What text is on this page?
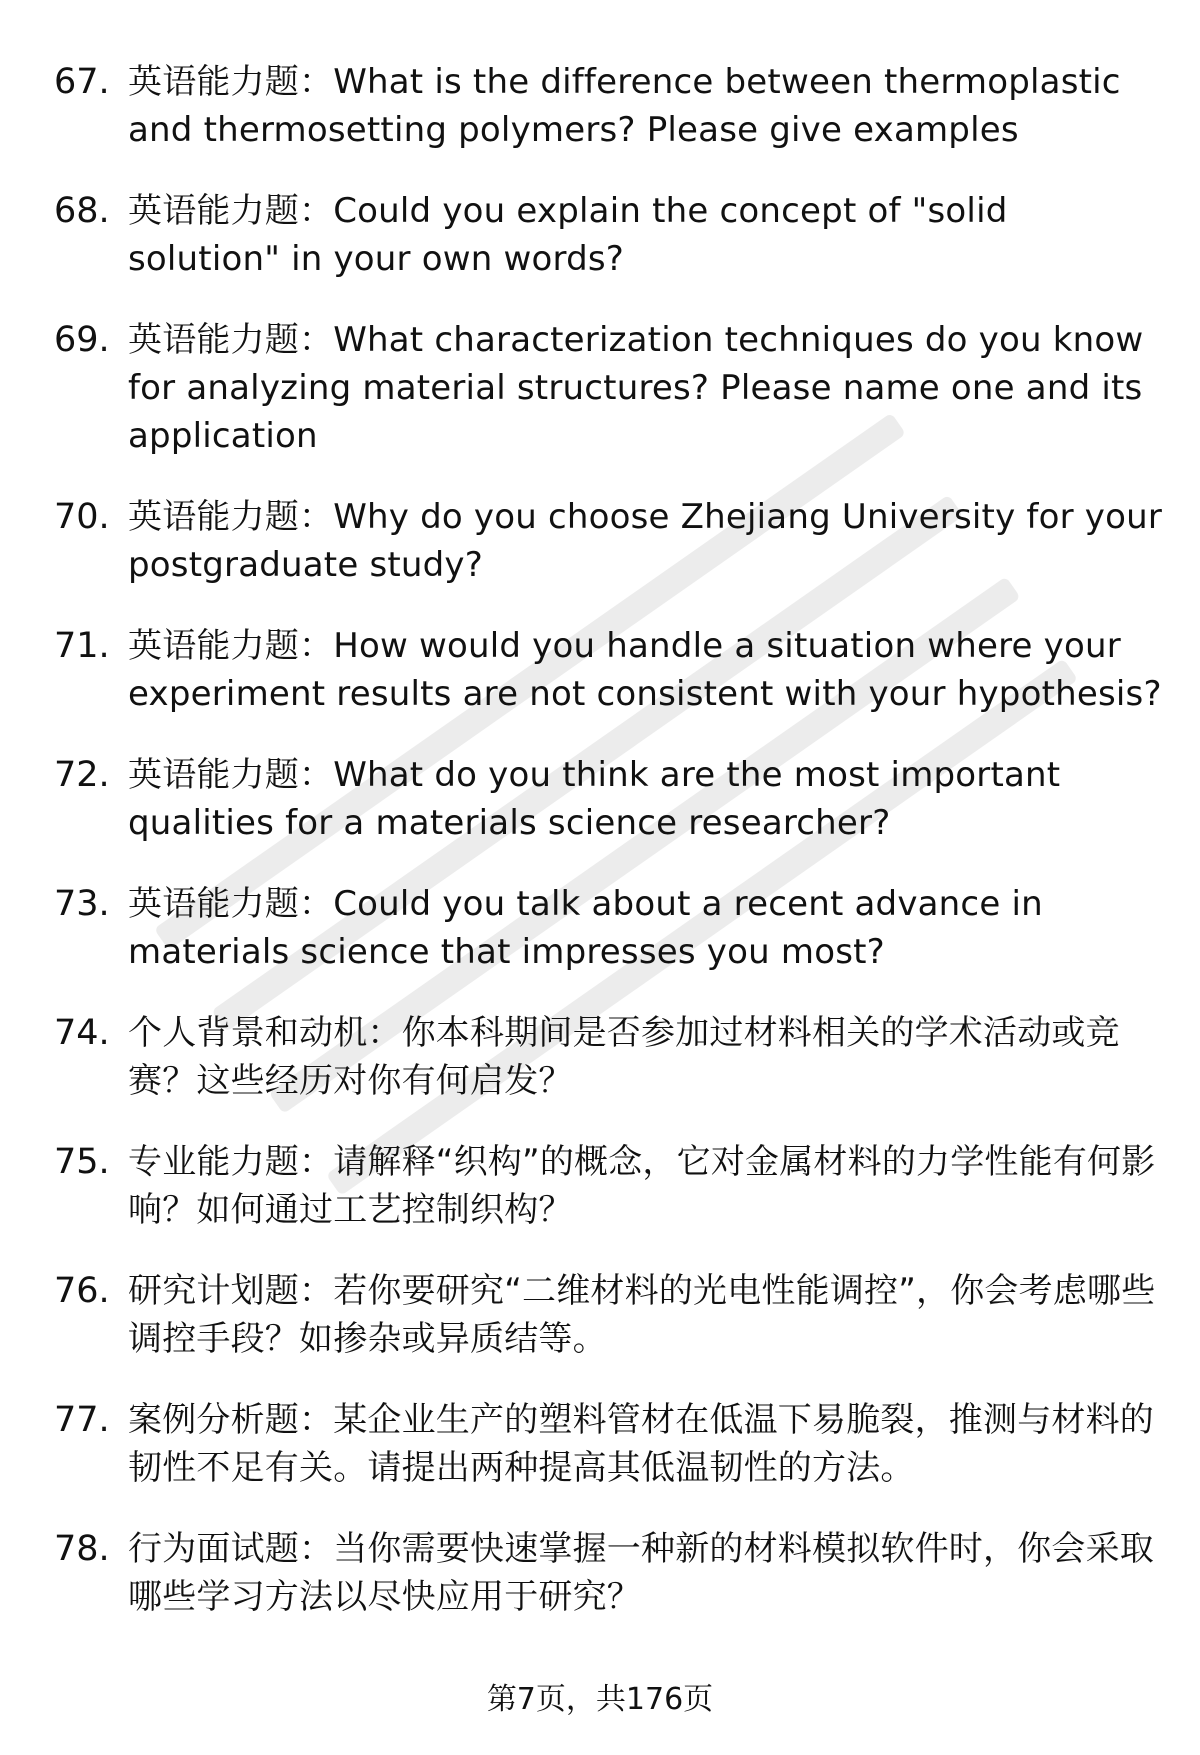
67. 英语能力题：What is the difference between thermoplastic and thermosetting polymers? Please give examples
68. 英语能力题：Could you explain the concept of "solid solution" in your own words?
69. 英语能力题：What characterization techniques do you know for analyzing material structures? Please name one and its application
70. 英语能力题：Why do you choose Zhejiang University for your postgraduate study?
71. 英语能力题：How would you handle a situation where your experiment results are not consistent with your hypothesis?
72. 英语能力题：What do you think are the most important qualities for a materials science researcher?
73. 英语能力题：Could you talk about a recent advance in materials science that impresses you most?
74. 个人背景和动机：你本科期间是否参加过材料相关的学术活动或竞赛？这些经历对你有何启发？
75. 专业能力题：请解释“织构”的概念，它对金属材料的力学性能有何影响？如何通过工艺控制织构？
76. 研究计划题：若你要研究“二维材料的光电性能调控”，你会考虑哪些调控手段？如掺杂或异质结等。
77. 案例分析题：某企业生产的塑料管材在低温下易脆裂，推测与材料的韧性不足有关。请提出两种提高其低温韧性的方法。
78. 行为面试题：当你需要快速掌握一种新的材料模拟软件时，你会采取哪些学习方法以尽快应用于研究？
第7页，共176页
